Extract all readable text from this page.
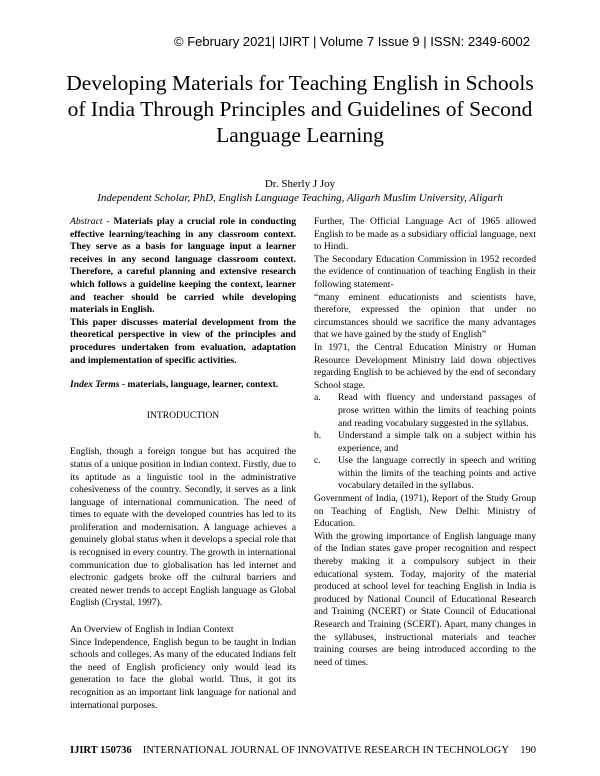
© February 2021| IJIRT | Volume 7 Issue 9 | ISSN: 2349-6002
Developing Materials for Teaching English in Schools of India Through Principles and Guidelines of Second Language Learning
Dr. Sherly J Joy
Independent Scholar, PhD, English Language Teaching, Aligarh Muslim University, Aligarh

Abstract - Materials play a crucial role in conducting effective learning/teaching in any classroom context. They serve as a basis for language input a learner receives in any second language classroom context. Therefore, a careful planning and extensive research which follows a guideline keeping the context, learner and teacher should be carried while developing materials in English.

This paper discusses material development from the theoretical perspective in view of the principles and procedures undertaken from evaluation, adaptation and implementation of specific activities.

Index Terms - materials, language, learner, context.

INTRODUCTION

English, though a foreign tongue but has acquired the status of a unique position in Indian context. Firstly, due to its aptitude as a linguistic tool in the administrative cohesiveness of the country. Secondly, it serves as a link language of international communication. The need of times to equate with the developed countries has led to its proliferation and modernisation. A language achieves a genuinely global status when it develops a special role that is recognised in every country. The growth in international communication due to globalisation has led internet and electronic gadgets broke off the cultural barriers and created newer trends to accept English language as Global English (Crystal, 1997).

An Overview of English in Indian Context

Since Independence, English begun to be taught in Indian schools and colleges. As many of the educated Indians felt the need of English proficiency only would lead its generation to face the global world. Thus, it got its recognition as an important link language for national and international purposes.

Further, The Official Language Act of 1965 allowed English to be made as a subsidiary official language, next to Hindi.

The Secondary Education Commission in 1952 recorded the evidence of continuation of teaching English in their following statement-

“many eminent educationists and scientists have, therefore, expressed the opinion that under no circumstances should we sacrifice the many advantages that we have gained by the study of English”

In 1971, the Central Education Ministry or Human Resource Development Ministry laid down objectives regarding English to be achieved by the end of secondary School stage.

a. Read with fluency and understand passages of prose written within the limits of teaching points and reading vocabulary suggested in the syllabus.
b. Understand a simple talk on a subject within his experience, and
c. Use the language correctly in speech and writing within the limits of the teaching points and active vocabulary detailed in the syllabus.

Government of India, (1971), Report of the Study Group on Teaching of English, New Delhi: Ministry of Education.

With the growing importance of English language many of the Indian states gave proper recognition and respect thereby making it a compulsory subject in their educational system. Today, majority of the material produced at school level for teaching English in India is produced by National Council of Educational Research and Training (NCERT) or State Council of Educational Research and Training (SCERT). Apart, many changes in the syllabuses, instructional materials and teacher training courses are being introduced according to the need of times.

IJIRT 150736 INTERNATIONAL JOURNAL OF INNOVATIVE RESEARCH IN TECHNOLOGY 190
